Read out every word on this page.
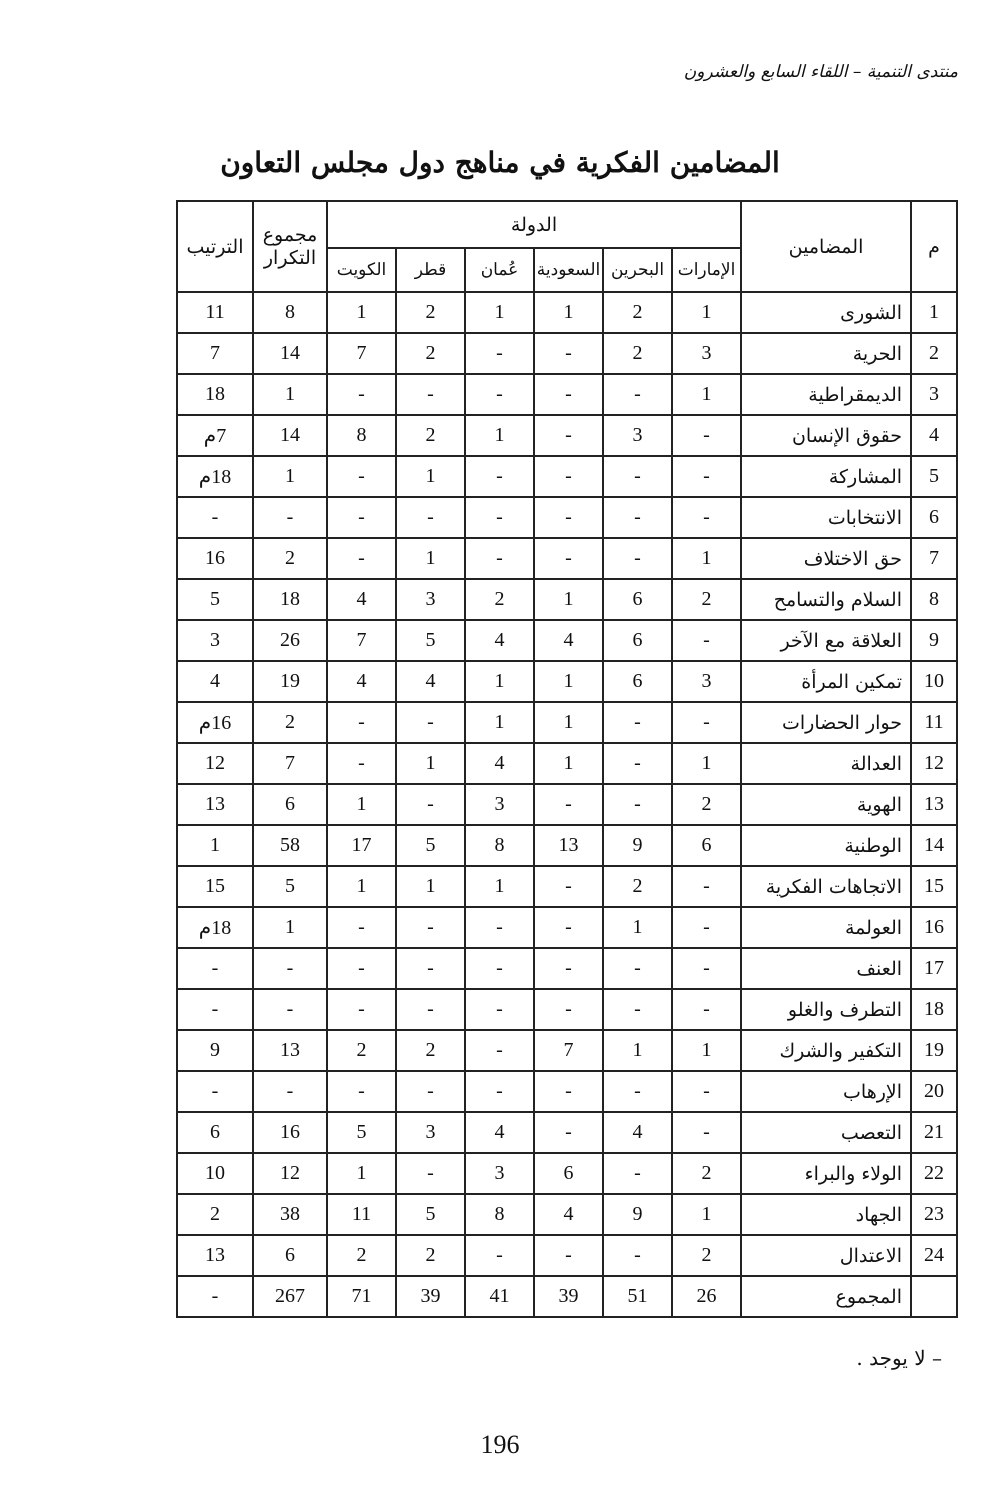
منتدى التنمية – اللقاء السابع والعشرون
المضامين الفكرية في مناهج دول مجلس التعاون
م	المضامين	الدولة						مجموع التكرار	الترتيب
		الإمارات	البحرين	السعودية	عُمان	قطر	الكويت		
1	الشورى	1	2	1	1	2	1	8	11
2	الحرية	3	2	-	-	2	7	14	7
3	الديمقراطية	1	-	-	-	-	-	1	18
4	حقوق الإنسان	-	3	-	1	2	8	14	7م
5	المشاركة	-	-	-	-	1	-	1	18م
6	الانتخابات	-	-	-	-	-	-	-	-
7	حق الاختلاف	1	-	-	-	1	-	2	16
8	السلام والتسامح	2	6	1	2	3	4	18	5
9	العلاقة مع الآخر	-	6	4	4	5	7	26	3
10	تمكين المرأة	3	6	1	1	4	4	19	4
11	حوار الحضارات	-	-	1	1	-	-	2	16م
12	العدالة	1	-	1	4	1	-	7	12
13	الهوية	2	-	-	3	-	1	6	13
14	الوطنية	6	9	13	8	5	17	58	1
15	الاتجاهات الفكرية	-	2	-	1	1	1	5	15
16	العولمة	-	1	-	-	-	-	1	18م
17	العنف	-	-	-	-	-	-	-	-
18	التطرف والغلو	-	-	-	-	-	-	-	-
19	التكفير والشرك	1	1	7	-	2	2	13	9
20	الإرهاب	-	-	-	-	-	-	-	-
21	التعصب	-	4	-	4	3	5	16	6
22	الولاء والبراء	2	-	6	3	-	1	12	10
23	الجهاد	1	9	4	8	5	11	38	2
24	الاعتدال	2	-	-	-	2	2	6	13
	المجموع	26	51	39	41	39	71	267	-
– لا يوجد .
196
